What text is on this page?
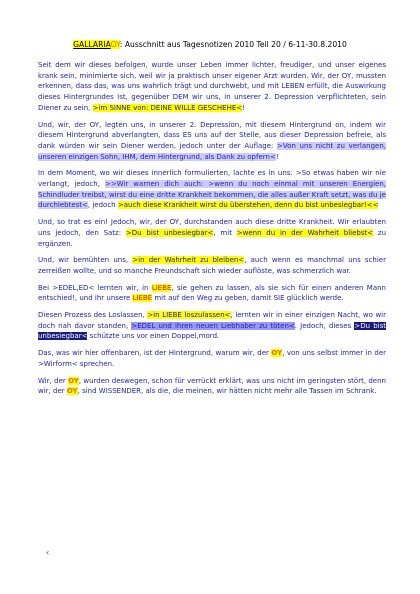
GALLARIAOY: Ausschnitt aus Tagesnotizen 2010 Teil 20 / 6-11-30.8.2010

Seit dem wir dieses befolgen, wurde unser Leben immer lichter, freudiger, und unser eigenes krank sein, minimierte sich, weil wir ja praktisch unser eigener Arzt wurden. Wir, der OY, mussten erkennen, dass das, was uns wahrlich trägt und durchwebt, und mit LEBEN erfüllt, die Auswirkung dieses Hintergrundes ist, gegenüber DEM wir uns, in unserer 2. Depression verpflichteten, sein Diener zu sein, >im SINNE von: DEINE WILLE GESCHEHE<!

Und, wir, der OY, legten uns, in unserer 2. Depression, mit diesem Hintergrund on, indem wir diesem Hintergrund abverlangten, dass ES uns auf der Stelle, aus dieser Depression befreie, als dank würden wir sein Diener werden, jedoch unter der Auflage: >Von uns nicht zu verlangen, unseren einzigen Sohn, IHM, dem Hintergrund, als Dank zu opfern<!

In dem Moment, wo wir dieses innerlich formulierten, lachte es in uns: >So etwas haben wir nie verlangt, jedoch, >>Wir warnen dich auch: >wenn du noch einmal mit unseren Energien, Schindluder treibst, wirst du eine dritte Krankheit bekommen, die alles außer Kraft setzt, was du je durchlebtest<, jedoch >auch diese Krankheit wirst du überstehen, denn du bist unbesiegbar!<<

Und, so trat es ein! Jedoch, wir, der OY, durchstanden auch diese dritte Krankheit. Wir erlaubten uns jedoch, den Satz: >Du bist unbesiegbar<, mit >wenn du in der Wahrheit bliebst< zu ergänzen.

Und, wir bemühten uns, >in der Wahrheit zu bleiben<, auch wenn es manchmal uns schier zerreißen wollte, und so manche Freundschaft sich wieder auflöste, was schmerzlich war.

Bei >EDEL,ED< lernten wir, in LIEBE, sie gehen zu lassen, als sie sich für einen anderen Mann entschied!, und ihr unsere LIEBE mit auf den Weg zu geben, damit SIE glücklich werde.

Diesen Prozess des Loslassen, >in LIEBE loszulassen<, lernten wir in einer einzigen Nacht, wo wir doch nah davor standen, >EDEL und ihren neuen Liebhaber zu töten<. Jedoch, dieses >Du bist unbesiegbar< schützte uns vor einen Doppel,mord.

Das, was wir hier offenbaren, ist der Hintergrund, warum wir, der OY, von uns selbst immer in der >Wirform< sprechen.

Wir, der OY, wurden deswegen, schon für verrückt erklärt, was uns nicht im geringsten stört, denn wir, der OY, sind WISSENDER, als die, die meinen, wir hätten nicht mehr alle Tassen im Schrank.

‹
